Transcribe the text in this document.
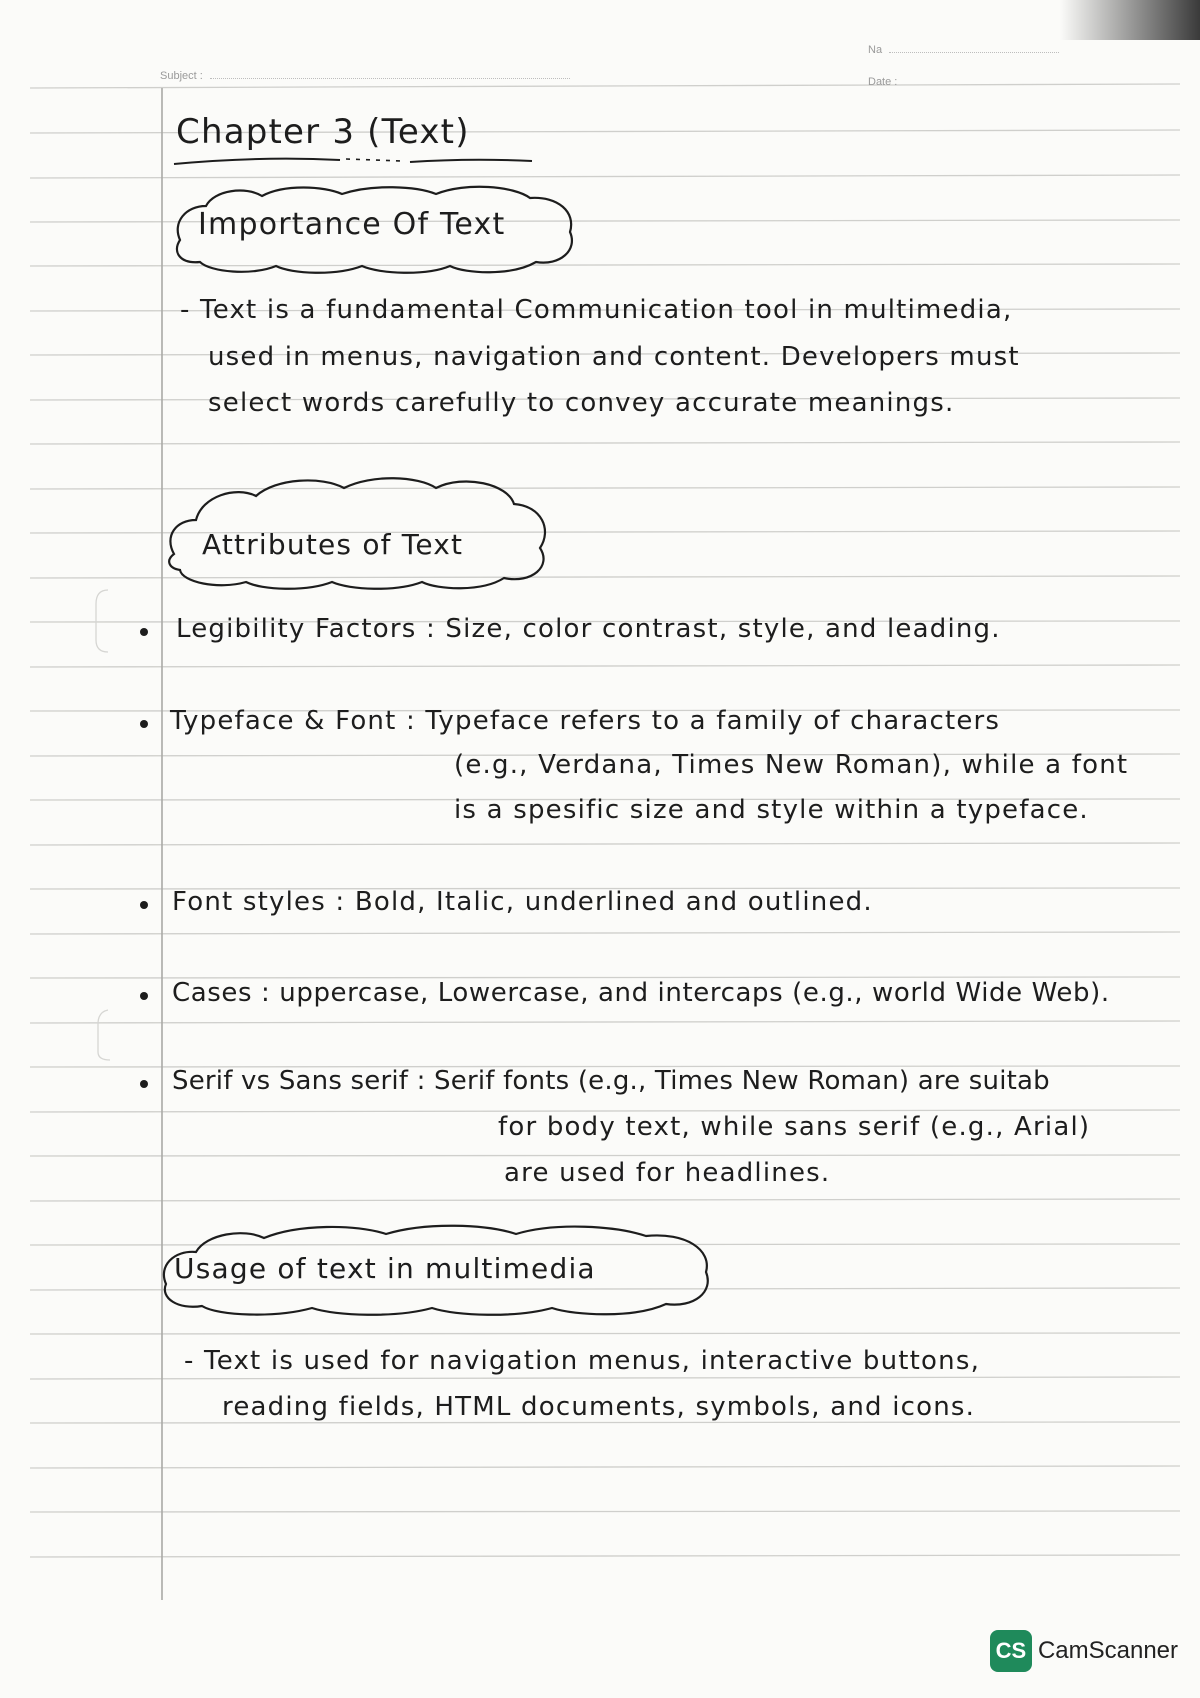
Subject :
Na
Date :
Chapter 3 (Text)
Importance Of Text
- Text is a fundamental Communication tool in multimedia,
used in menus, navigation and content. Developers must
select words carefully to convey accurate meanings.
Attributes of Text
Legibility Factors : Size, color contrast, style, and leading.
Typeface & Font : Typeface refers to a family of characters
(e.g., Verdana, Times New Roman), while a font
is a spesific size and style within a typeface.
Font styles : Bold, Italic, underlined and outlined.
Cases : uppercase, Lowercase, and intercaps (e.g., world Wide Web).
Serif vs Sans serif : Serif fonts (e.g., Times New Roman) are suitab
for body text, while sans serif (e.g., Arial)
are used for headlines.
Usage of text in multimedia
- Text is used for navigation menus, interactive buttons,
reading fields, HTML documents, symbols, and icons.
CS CamScanner
